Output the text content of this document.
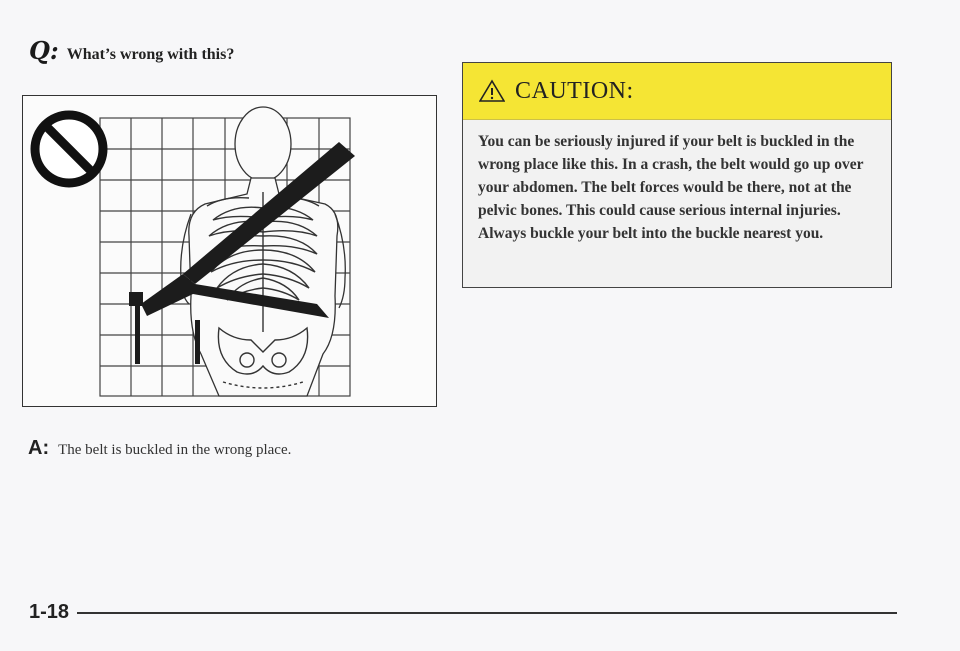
Q: What’s wrong with this?
CAUTION:
You can be seriously injured if your belt is buckled in the wrong place like this. In a crash, the belt would go up over your abdomen. The belt forces would be there, not at the pelvic bones. This could cause serious internal injuries. Always buckle your belt into the buckle nearest you.
A: The belt is buckled in the wrong place.
1-18
